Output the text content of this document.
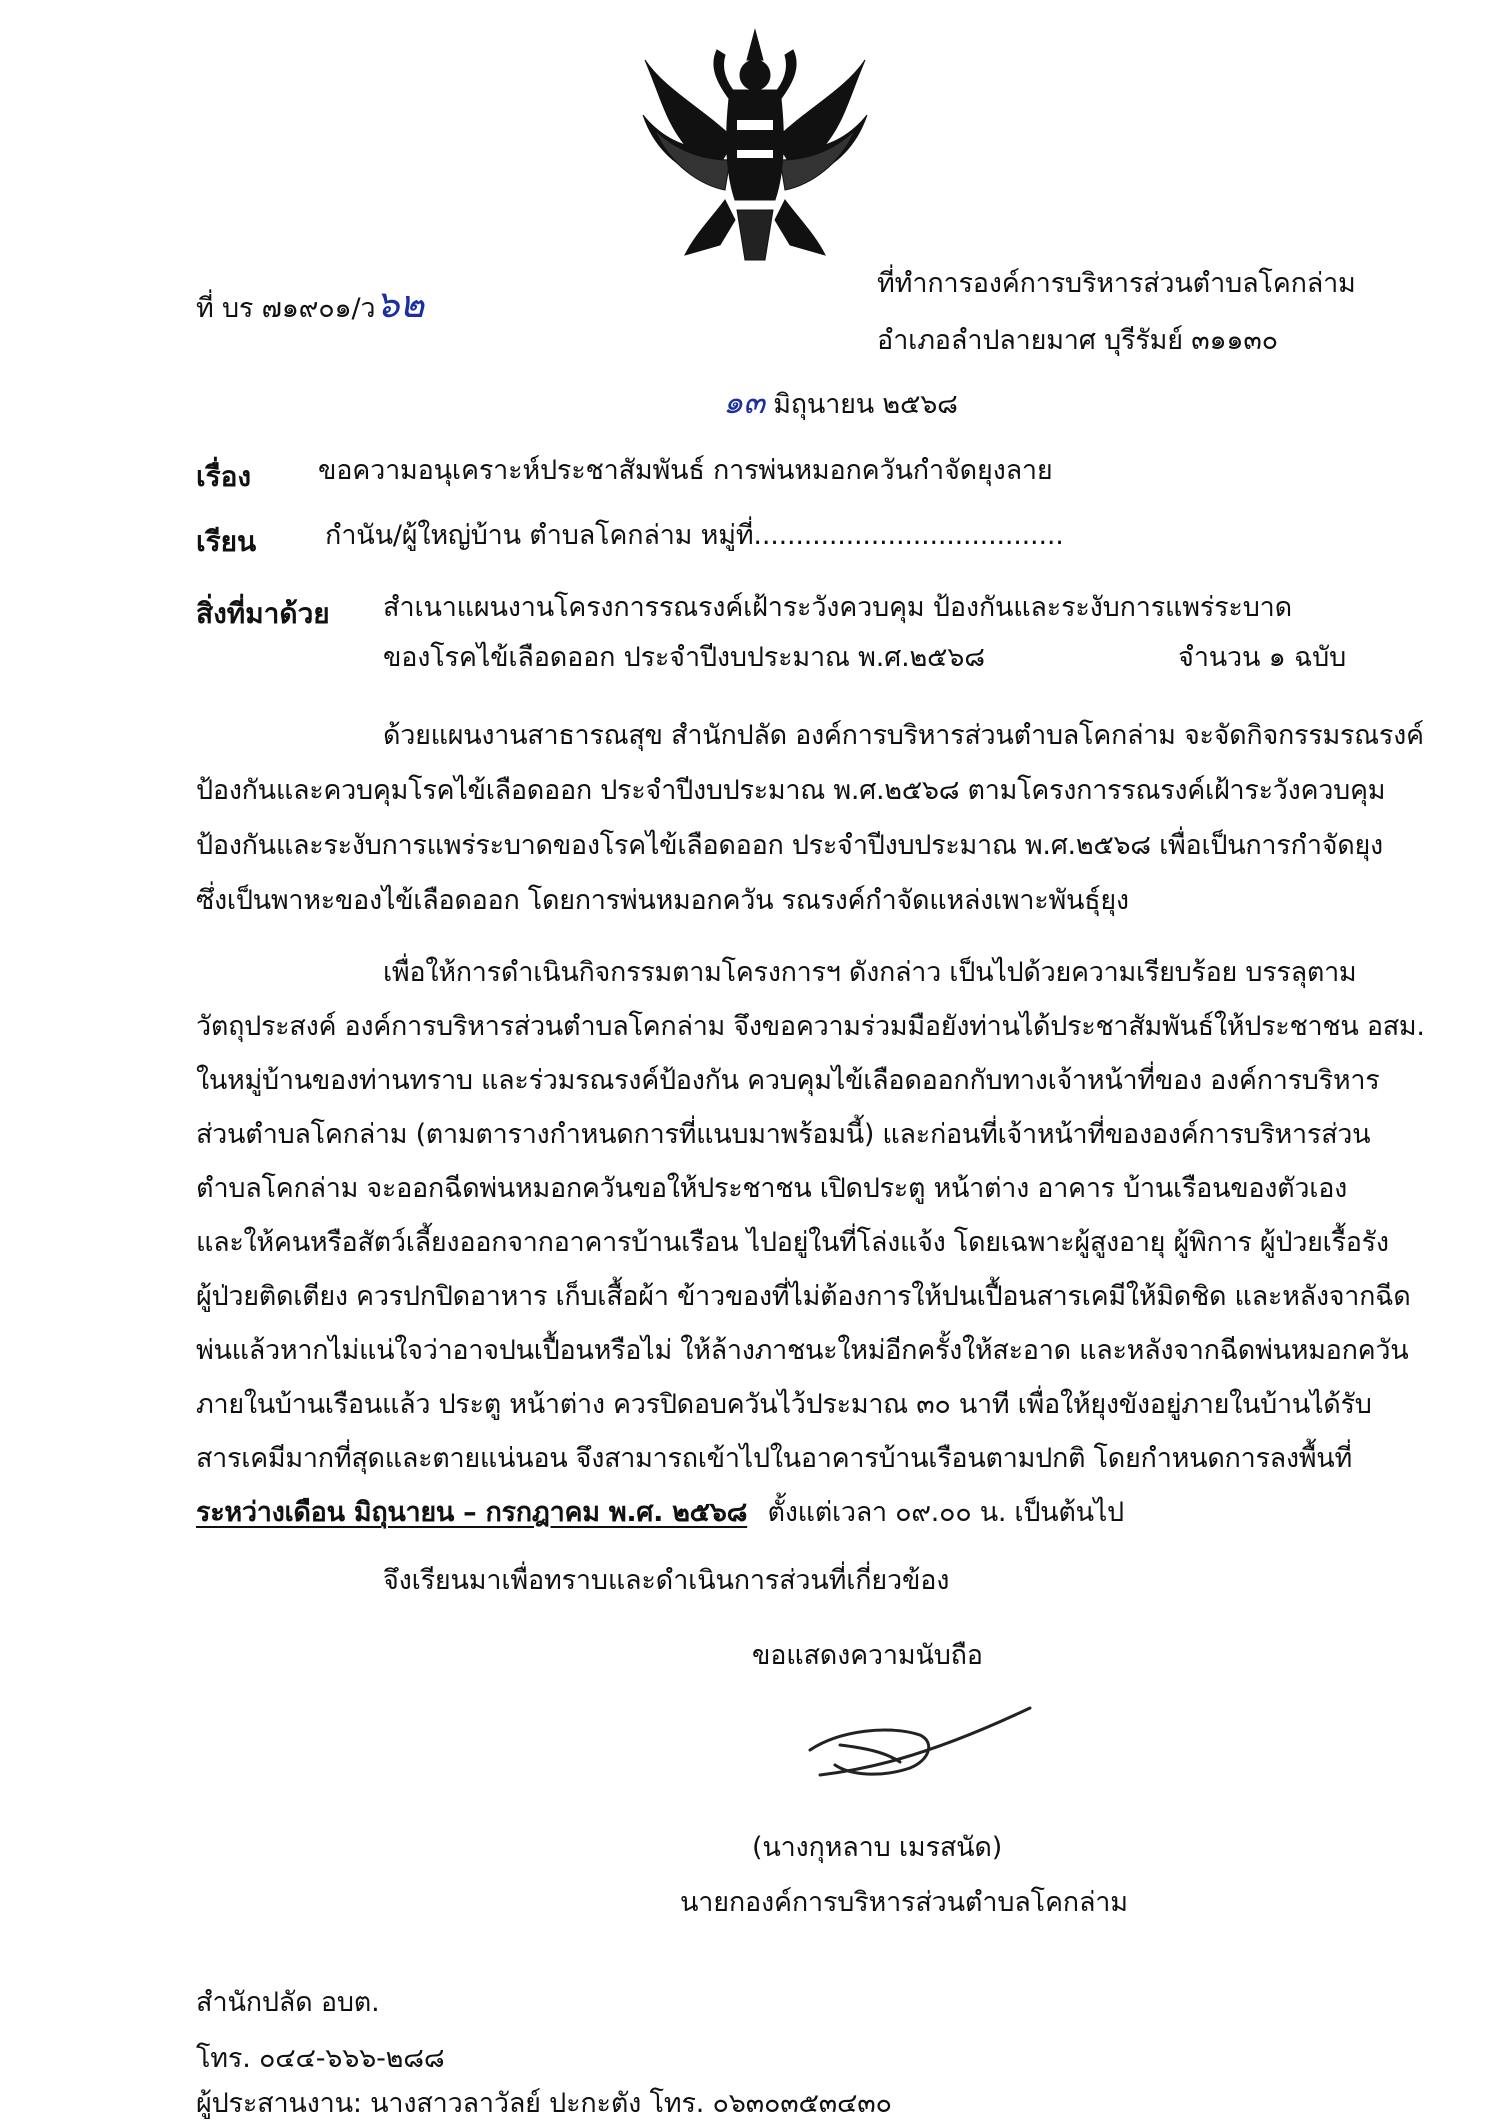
ที่ บร ๗๑๙๐๑/ว๖๒	ที่ทำการองค์การบริหารส่วนตำบลโคกล่าม
อำเภอลำปลายมาศ บุรีรัมย์ ๓๑๑๓๐
๑๓ มิถุนายน ๒๕๖๘
เรื่อง ขอความอนุเคราะห์ประชาสัมพันธ์ การพ่นหมอกควันกำจัดยุงลาย
เรียน	กำนัน/ผู้ใหญ่บ้าน ตำบลโคกล่าม หมู่ที่.....................................
สิ่งที่มาด้วย สำเนาแผนงานโครงการรณรงค์เฝ้าระวังควบคุม ป้องกันและระงับการแพร่ระบาด
ของโรคไข้เลือดออก ประจำปีงบประมาณ พ.ศ.๒๕๖๘	จำนวน ๑ ฉบับ
ด้วยแผนงานสาธารณสุข สำนักปลัด องค์การบริหารส่วนตำบลโคกล่าม จะจัดกิจกรรมรณรงค์
ป้องกันและควบคุมโรคไข้เลือดออก ประจำปีงบประมาณ พ.ศ.๒๕๖๘ ตามโครงการรณรงค์เฝ้าระวังควบคุม
ป้องกันและระงับการแพร่ระบาดของโรคไข้เลือดออก ประจำปีงบประมาณ พ.ศ.๒๕๖๘ เพื่อเป็นการกำจัดยุง
ซึ่งเป็นพาหะของไข้เลือดออก โดยการพ่นหมอกควัน รณรงค์กำจัดแหล่งเพาะพันธุ์ยุง
เพื่อให้การดำเนินกิจกรรมตามโครงการฯ ดังกล่าว เป็นไปด้วยความเรียบร้อย บรรลุตาม
วัตถุประสงค์ องค์การบริหารส่วนตำบลโคกล่าม จึงขอความร่วมมือยังท่านได้ประชาสัมพันธ์ให้ประชาชน อสม.
ในหมู่บ้านของท่านทราบ และร่วมรณรงค์ป้องกัน ควบคุมไข้เลือดออกกับทางเจ้าหน้าที่ของ องค์การบริหาร
ส่วนตำบลโคกล่าม (ตามตารางกำหนดการที่แนบมาพร้อมนี้) และก่อนที่เจ้าหน้าที่ขององค์การบริหารส่วน
ตำบลโคกล่าม จะออกฉีดพ่นหมอกควันขอให้ประชาชน เปิดประตู หน้าต่าง อาคาร บ้านเรือนของตัวเอง
และให้คนหรือสัตว์เลี้ยงออกจากอาคารบ้านเรือน ไปอยู่ในที่โล่งแจ้ง โดยเฉพาะผู้สูงอายุ ผู้พิการ ผู้ป่วยเรื้อรัง
ผู้ป่วยติดเตียง ควรปกปิดอาหาร เก็บเสื้อผ้า ข้าวของที่ไม่ต้องการให้ปนเปื้อนสารเคมีให้มิดชิด และหลังจากฉีด
พ่นแล้วหากไม่แน่ใจว่าอาจปนเปื้อนหรือไม่ ให้ล้างภาชนะใหม่อีกครั้งให้สะอาด และหลังจากฉีดพ่นหมอกควัน
ภายในบ้านเรือนแล้ว ประตู หน้าต่าง ควรปิดอบควันไว้ประมาณ ๓๐ นาที เพื่อให้ยุงขังอยู่ภายในบ้านได้รับ
สารเคมีมากที่สุดและตายแน่นอน จึงสามารถเข้าไปในอาคารบ้านเรือนตามปกติ โดยกำหนดการลงพื้นที่
ระหว่างเดือน มิถุนายน – กรกฎาคม พ.ศ. ๒๕๖๘ ตั้งแต่เวลา ๐๙.๐๐ น. เป็นต้นไป
จึงเรียนมาเพื่อทราบและดำเนินการส่วนที่เกี่ยวข้อง
ขอแสดงความนับถือ
(นางกุหลาบ เมรสนัด)
นายกองค์การบริหารส่วนตำบลโคกล่าม
สำนักปลัด อบต.
โทร. ๐๔๔-๖๖๖-๒๘๘
ผู้ประสานงาน: นางสาวลาวัลย์ ปะกะตัง โทร. ๐๖๓๐๓๕๓๔๓๐
